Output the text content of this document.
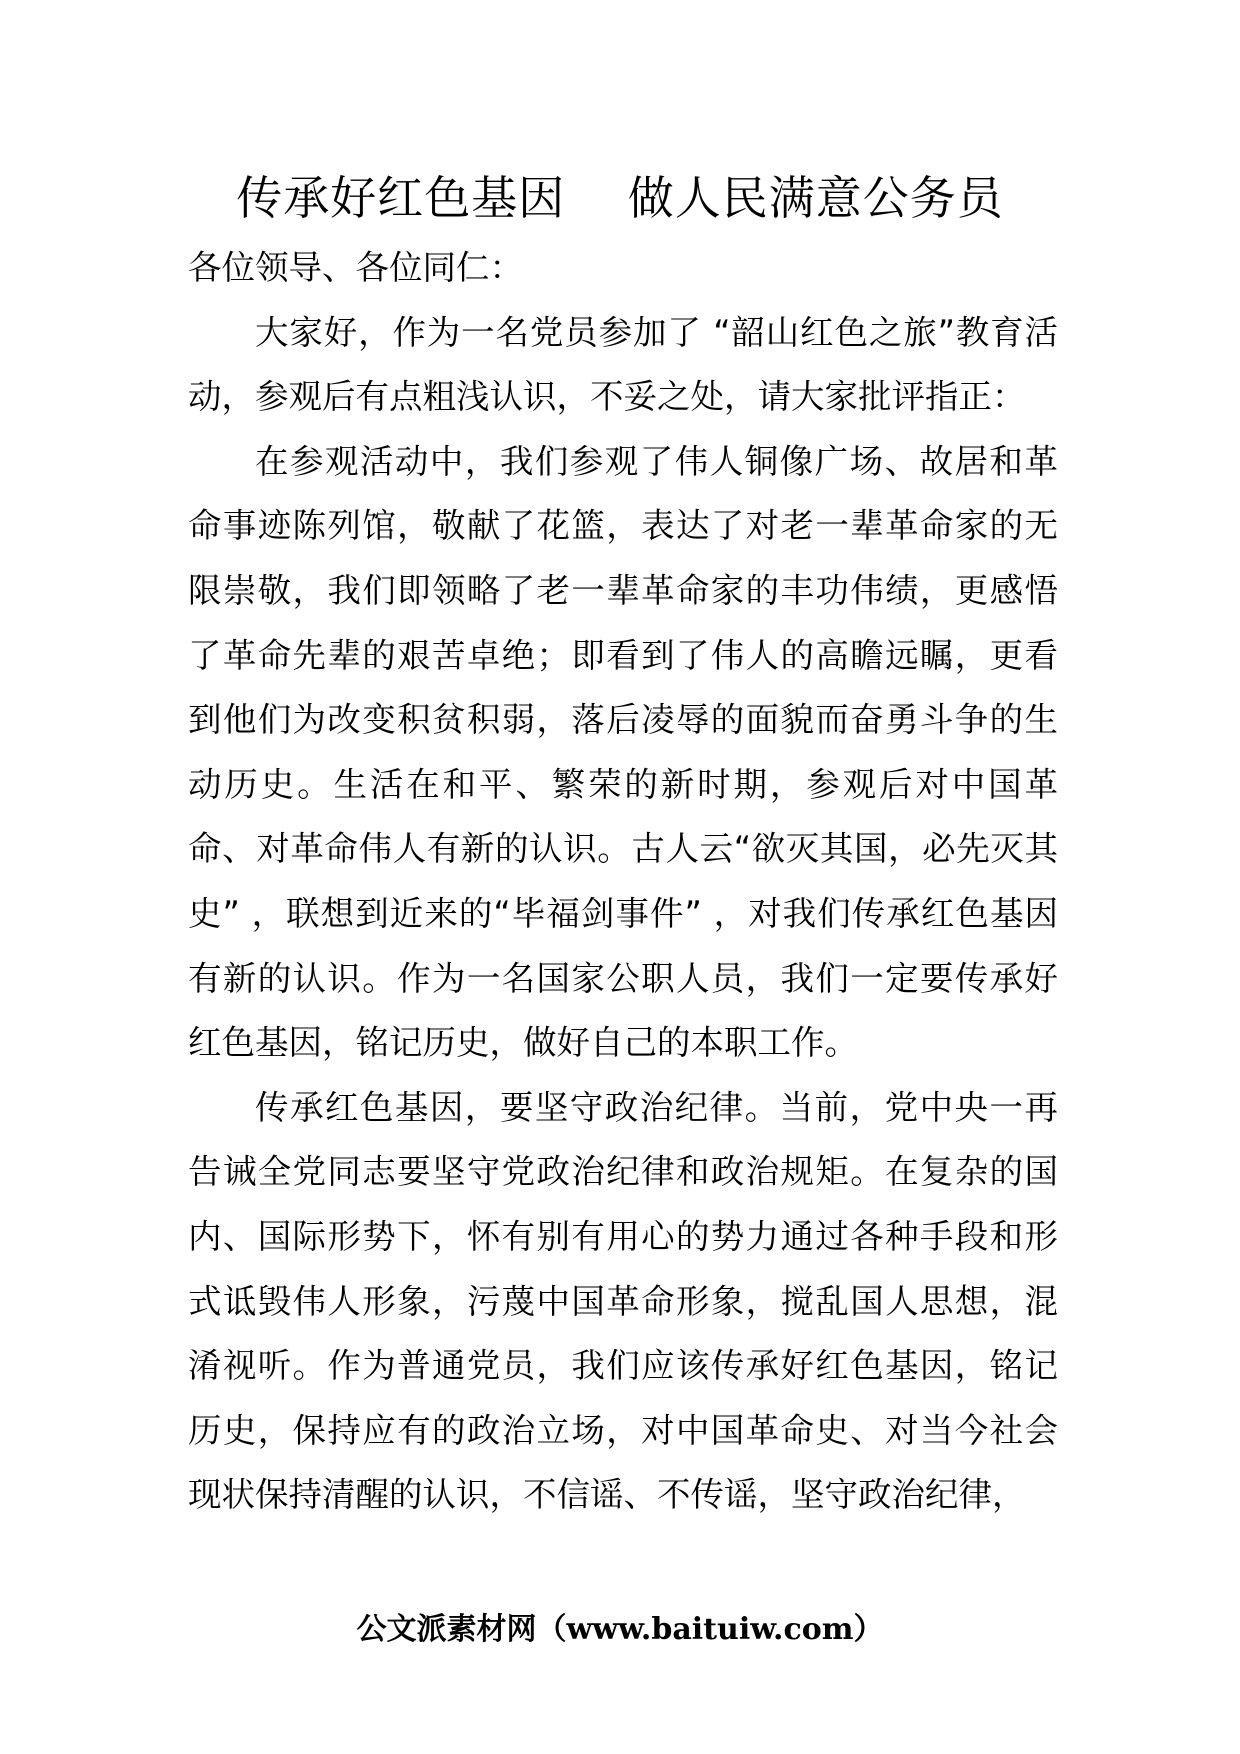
传承好红色基因    做人民满意公务员

各位领导、各位同仁：

大家好，作为一名党员参加了 “韶山红色之旅”教育活动，参观后有点粗浅认识，不妥之处，请大家批评指正：

在参观活动中，我们参观了伟人铜像广场、故居和革命事迹陈列馆，敬献了花篮，表达了对老一辈革命家的无限崇敬，我们即领略了老一辈革命家的丰功伟绩，更感悟了革命先辈的艰苦卓绝；即看到了伟人的高瞻远瞩，更看到他们为改变积贫积弱，落后凌辱的面貌而奋勇斗争的生动历史。生活在和平、繁荣的新时期，参观后对中国革命、对革命伟人有新的认识。古人云“欲灭其国，必先灭其史” ，联想到近来的“毕福剑事件” ，对我们传承红色基因有新的认识。作为一名国家公职人员，我们一定要传承好红色基因，铭记历史，做好自己的本职工作。

传承红色基因，要坚守政治纪律。当前，党中央一再告诫全党同志要坚守党政治纪律和政治规矩。在复杂的国内、国际形势下，怀有别有用心的势力通过各种手段和形式诋毁伟人形象，污蔑中国革命形象，搅乱国人思想，混淆视听。作为普通党员，我们应该传承好红色基因，铭记历史，保持应有的政治立场，对中国革命史、对当今社会现状保持清醒的认识，不信谣、不传谣，坚守政治纪律，

公文派素材网（www.baituiw.com）
